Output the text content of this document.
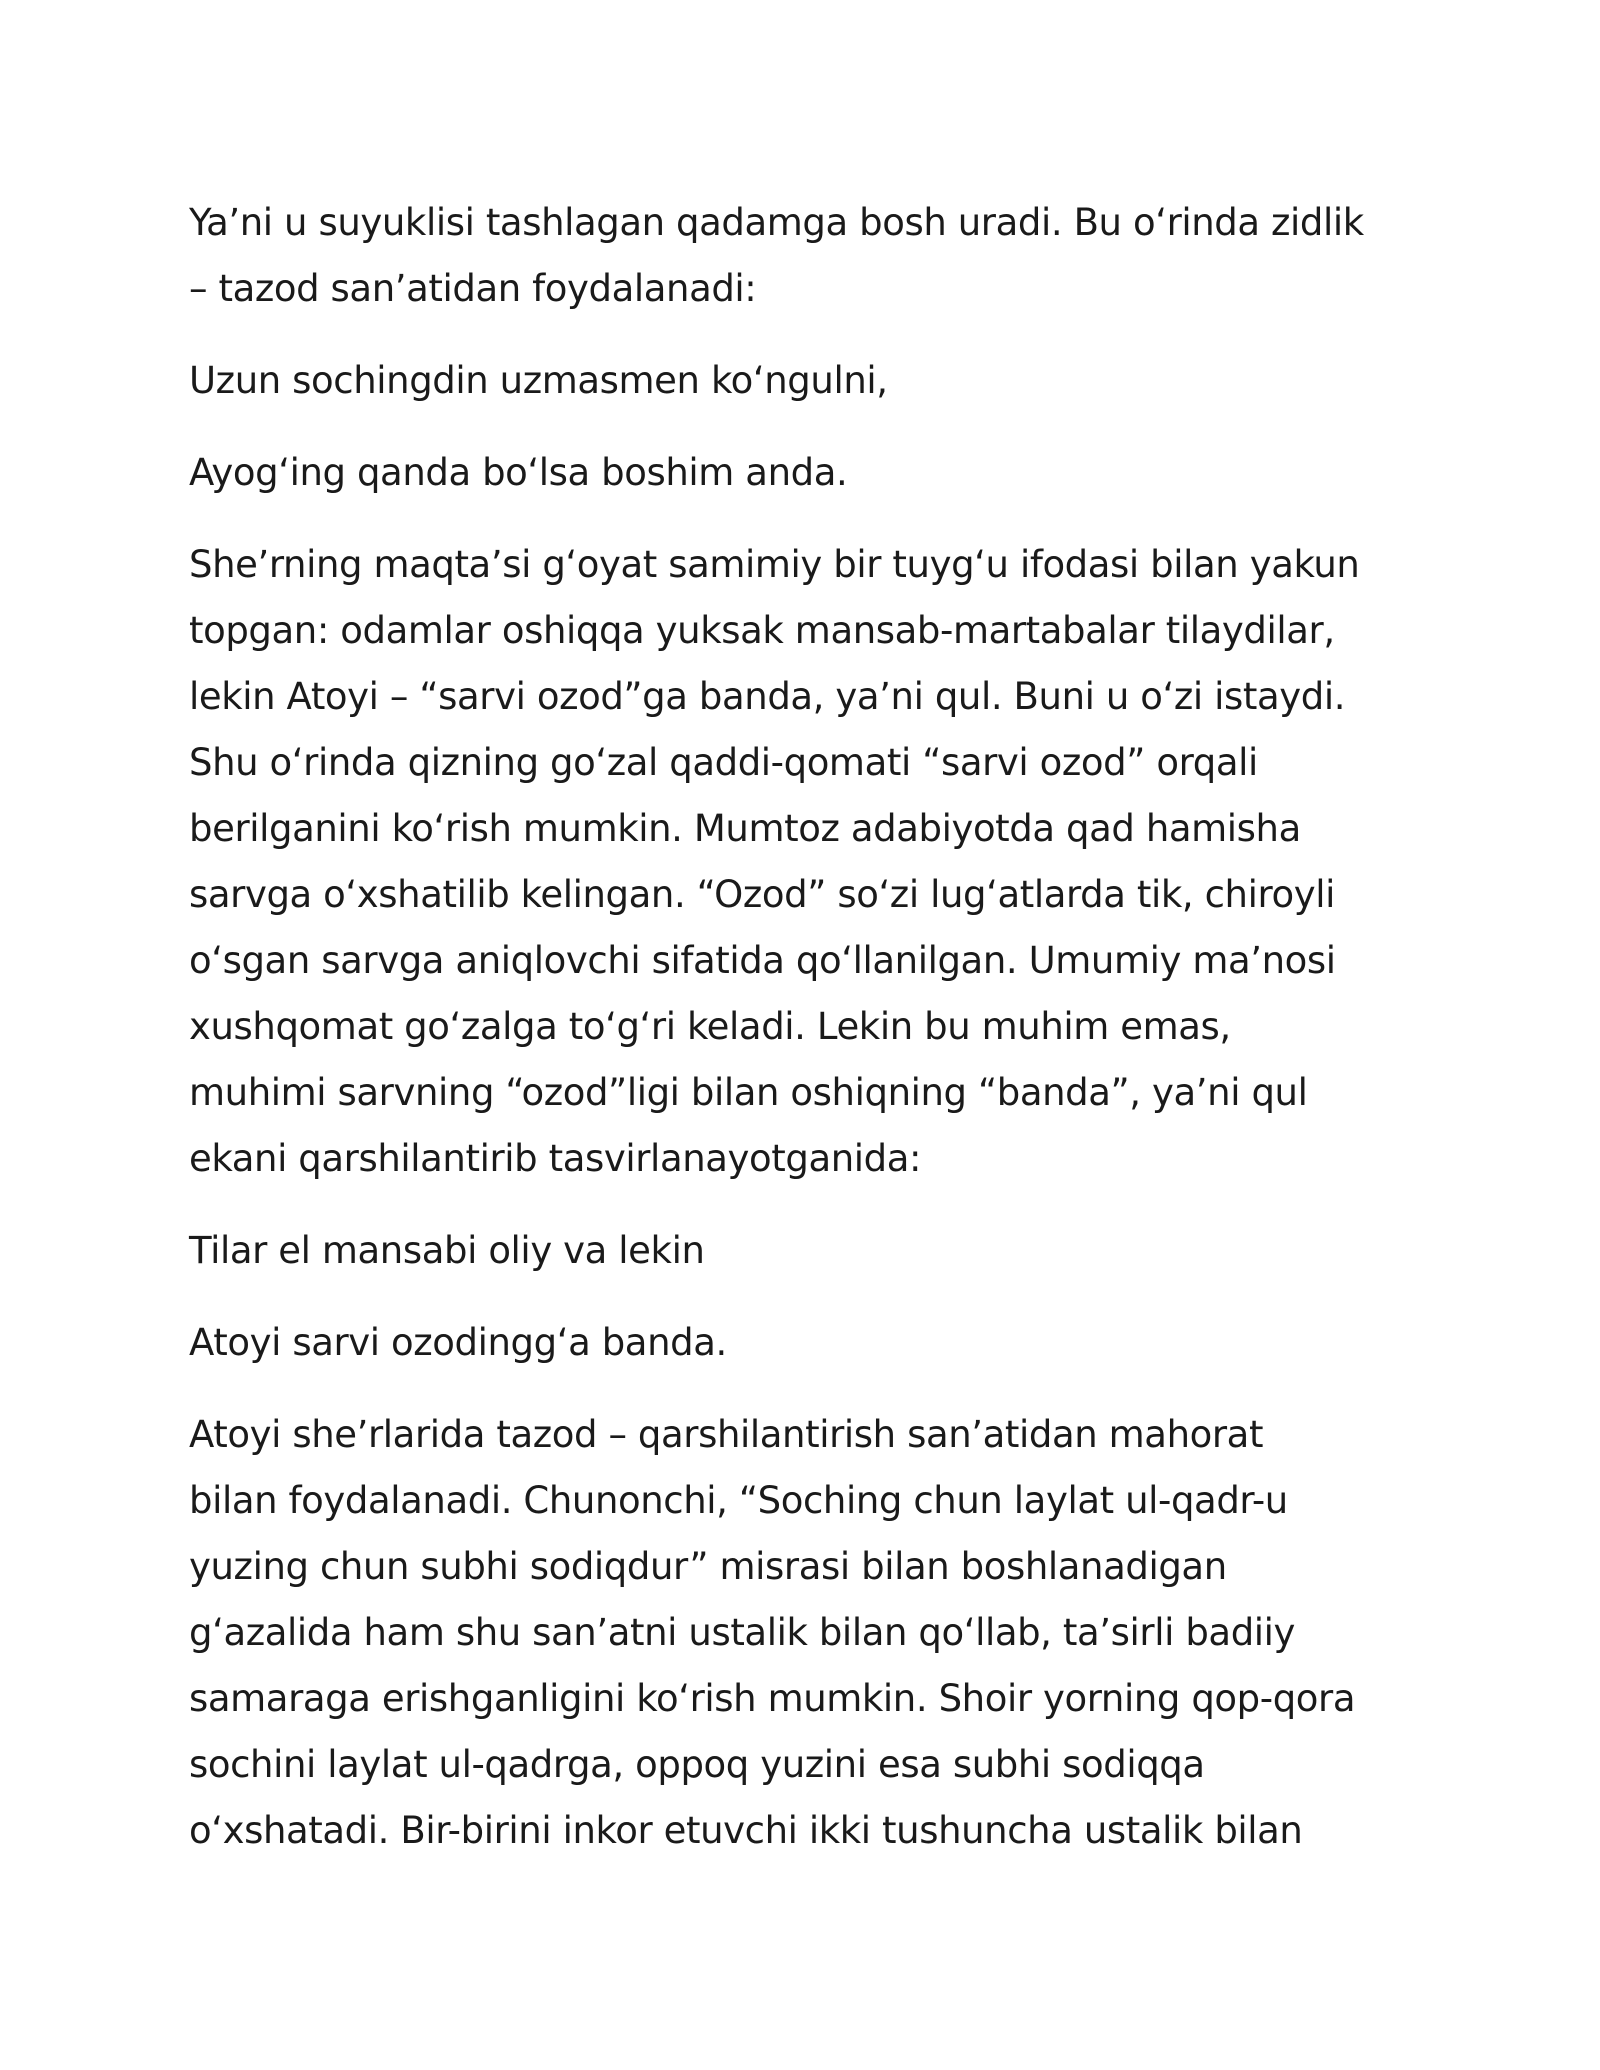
Ya’ni u suyuklisi tashlagan qadamga bosh uradi. Bu oʻrinda zidlik
– tazod san’atidan foydalanadi:

Uzun sochingdin uzmasmen koʻngulni,

Ayogʻing qanda boʻlsa boshim anda.

She’rning maqta’si gʻoyat samimiy bir tuygʻu ifodasi bilan yakun
topgan: odamlar oshiqqa yuksak mansab-martabalar tilaydilar,
lekin Atoyi – “sarvi ozod”ga banda, ya’ni qul. Buni u oʻzi istaydi.
Shu oʻrinda qizning goʻzal qaddi-qomati “sarvi ozod” orqali
berilganini koʻrish mumkin. Mumtoz adabiyotda qad hamisha
sarvga oʻxshatilib kelingan. “Ozod” soʻzi lugʻatlarda tik, chiroyli
oʻsgan sarvga aniqlovchi sifatida qoʻllanilgan. Umumiy ma’nosi
xushqomat goʻzalga toʻgʻri keladi. Lekin bu muhim emas,
muhimi sarvning “ozod”ligi bilan oshiqning “banda”, ya’ni qul
ekani qarshilantirib tasvirlanayotganida:

Tilar el mansabi oliy va lekin

Atoyi sarvi ozodinggʻa banda.

Atoyi she’rlarida tazod – qarshilantirish san’atidan mahorat
bilan foydalanadi. Chunonchi, “Soching chun laylat ul-qadr-u
yuzing chun subhi sodiqdur” misrasi bilan boshlanadigan
gʻazalida ham shu san’atni ustalik bilan qoʻllab, ta’sirli badiiy
samaraga erishganligini koʻrish mumkin. Shoir yorning qop-qora
sochini laylat ul-qadrga, oppoq yuzini esa subhi sodiqqa
oʻxshatadi. Bir-birini inkor etuvchi ikki tushuncha ustalik bilan
